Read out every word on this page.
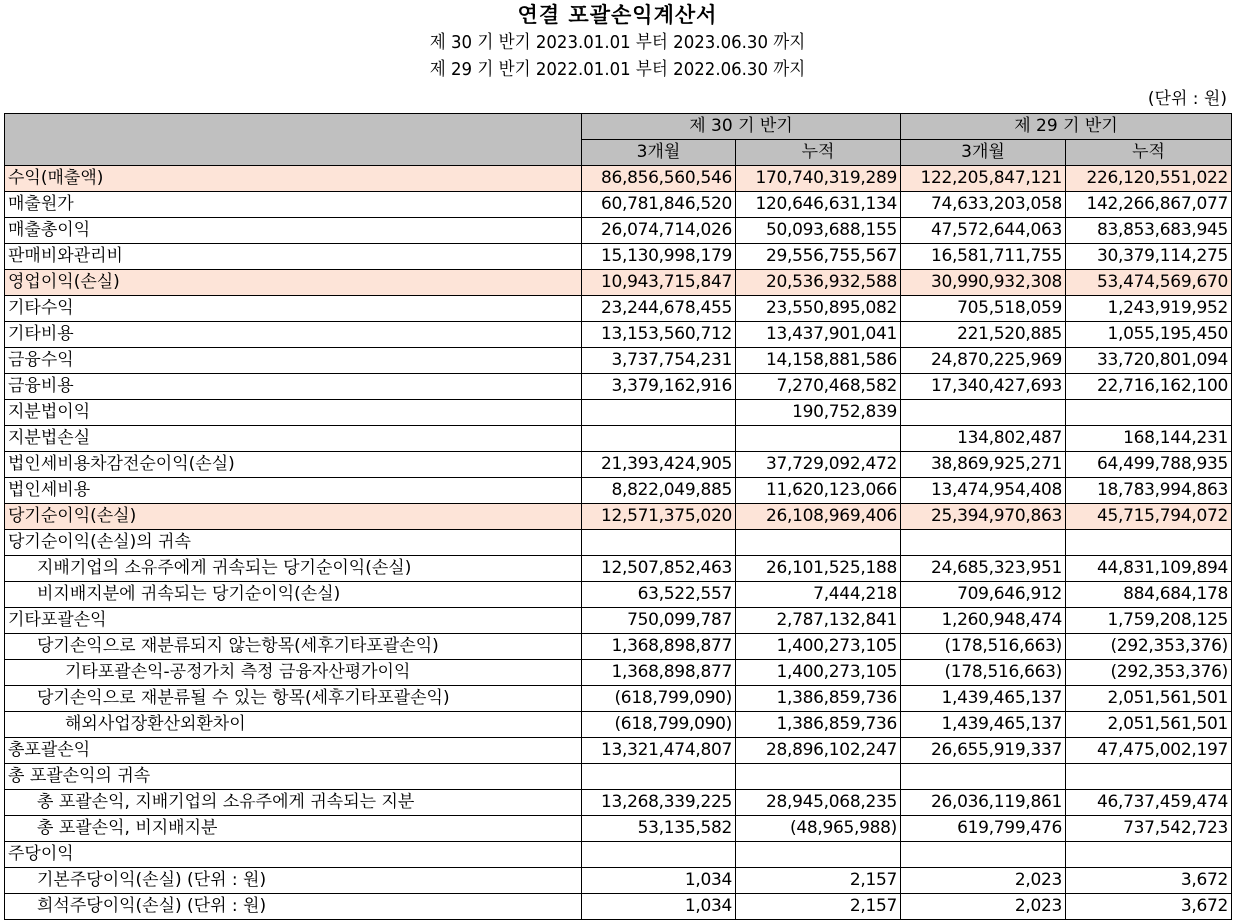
연결 포괄손익계산서
제 30 기 반기 2023.01.01 부터 2023.06.30 까지
제 29 기 반기 2022.01.01 부터 2022.06.30 까지
(단위 : 원)
	제 30 기 반기		제 29 기 반기	
	3개월	누적	3개월	누적
수익(매출액)	86,856,560,546	170,740,319,289	122,205,847,121	226,120,551,022
매출원가	60,781,846,520	120,646,631,134	74,633,203,058	142,266,867,077
매출총이익	26,074,714,026	50,093,688,155	47,572,644,063	83,853,683,945
판매비와관리비	15,130,998,179	29,556,755,567	16,581,711,755	30,379,114,275
영업이익(손실)	10,943,715,847	20,536,932,588	30,990,932,308	53,474,569,670
기타수익	23,244,678,455	23,550,895,082	705,518,059	1,243,919,952
기타비용	13,153,560,712	13,437,901,041	221,520,885	1,055,195,450
금융수익	3,737,754,231	14,158,881,586	24,870,225,969	33,720,801,094
금융비용	3,379,162,916	7,270,468,582	17,340,427,693	22,716,162,100
지분법이익		190,752,839		
지분법손실			134,802,487	168,144,231
법인세비용차감전순이익(손실)	21,393,424,905	37,729,092,472	38,869,925,271	64,499,788,935
법인세비용	8,822,049,885	11,620,123,066	13,474,954,408	18,783,994,863
당기순이익(손실)	12,571,375,020	26,108,969,406	25,394,970,863	45,715,794,072
당기순이익(손실)의 귀속				
지배기업의 소유주에게 귀속되는 당기순이익(손실)	12,507,852,463	26,101,525,188	24,685,323,951	44,831,109,894
비지배지분에 귀속되는 당기순이익(손실)	63,522,557	7,444,218	709,646,912	884,684,178
기타포괄손익	750,099,787	2,787,132,841	1,260,948,474	1,759,208,125
당기손익으로 재분류되지 않는항목(세후기타포괄손익)	1,368,898,877	1,400,273,105	(178,516,663)	(292,353,376)
기타포괄손익-공정가치 측정 금융자산평가이익	1,368,898,877	1,400,273,105	(178,516,663)	(292,353,376)
당기손익으로 재분류될 수 있는 항목(세후기타포괄손익)	(618,799,090)	1,386,859,736	1,439,465,137	2,051,561,501
해외사업장환산외환차이	(618,799,090)	1,386,859,736	1,439,465,137	2,051,561,501
총포괄손익	13,321,474,807	28,896,102,247	26,655,919,337	47,475,002,197
총 포괄손익의 귀속				
총 포괄손익, 지배기업의 소유주에게 귀속되는 지분	13,268,339,225	28,945,068,235	26,036,119,861	46,737,459,474
총 포괄손익, 비지배지분	53,135,582	(48,965,988)	619,799,476	737,542,723
주당이익				
기본주당이익(손실) (단위 : 원)	1,034	2,157	2,023	3,672
희석주당이익(손실) (단위 : 원)	1,034	2,157	2,023	3,672
